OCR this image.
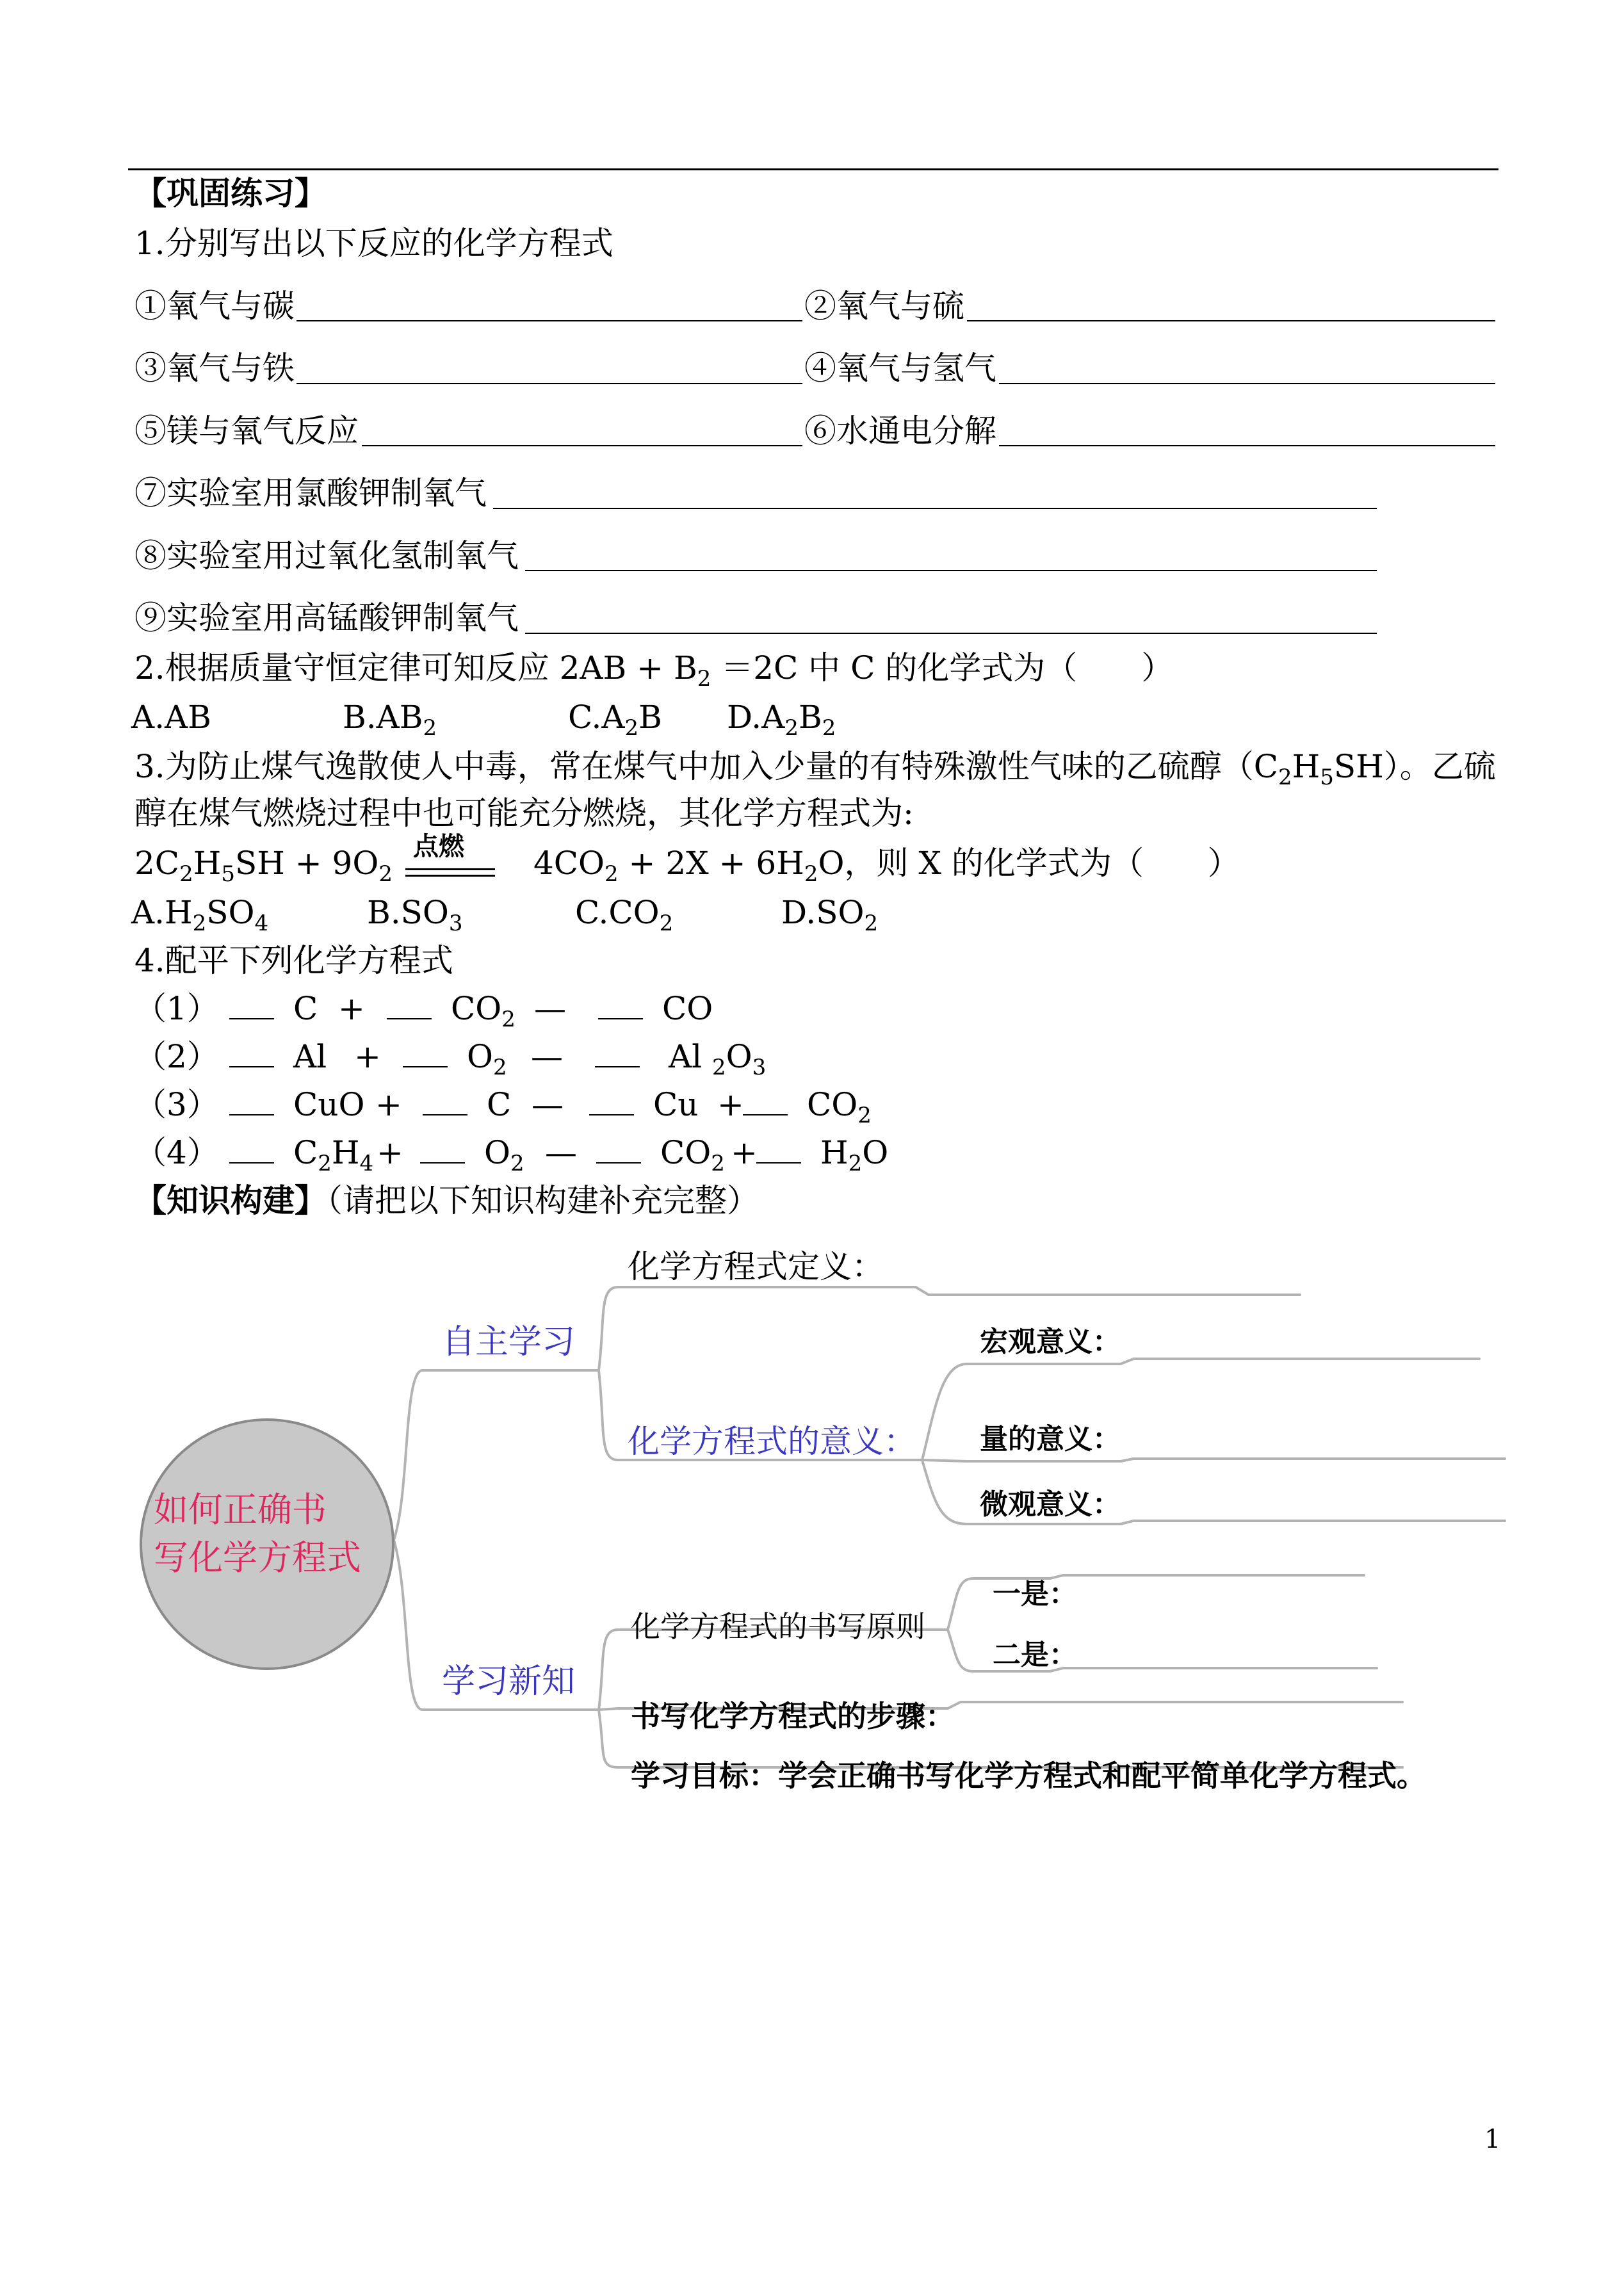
【巩固练习】
1.分别写出以下反应的化学方程式
①氧气与碳	②氧气与硫
③氧气与铁	④氧气与氢气
⑤镁与氧气反应	⑥水通电分解
⑦实验室用氯酸钾制氧气
⑧实验室用过氧化氢制氧气
⑨实验室用高锰酸钾制氧气
2.根据质量守恒定律可知反应 $2AB + B_2 =2C$ 中 C 的化学式为（　　）
A.AB	$B.AB_2$	$C.A_2B$ $D.A_2B_2$
3.为防止煤气逸散使人中毒，常在煤气中加入少量的有特殊激性气味的乙硫醇$(C_2H_5SH)$。乙硫
醇在煤气燃烧过程中也可能充分燃烧，其化学方程式为:
$2C_2H_5SH + 9O_2$
点燃 $4CO_2 + 2X + 6H_2O$，则 X 的化学式为（　　）
$A.H_2SO_4$	$B.SO_3$	$C.CO_2$	$D.SO_2$
4.配平下列化学方程式
（1） C +	$CO_2$ —	CO
（2） Al +	$O_2$ —	Al $_2O_3$
（3） CuO +	C —	$Cu + CO_2$
（4） $C_2H_4+$	$O_2$ —	$CO_2 + H_2O$
【知识构建】（请把以下知识构建补充完整）
如何正确书
写化学方程式
自主学习
学习新知
化学方程式定义：
化学方程式的意义：
宏观意义：
量的意义：
微观意义：
化学方程式的书写原则
一是：
二是：
书写化学方程式的步骤：
学习目标：学会正确书写化学方程式和配平简单化学方程式。
1
